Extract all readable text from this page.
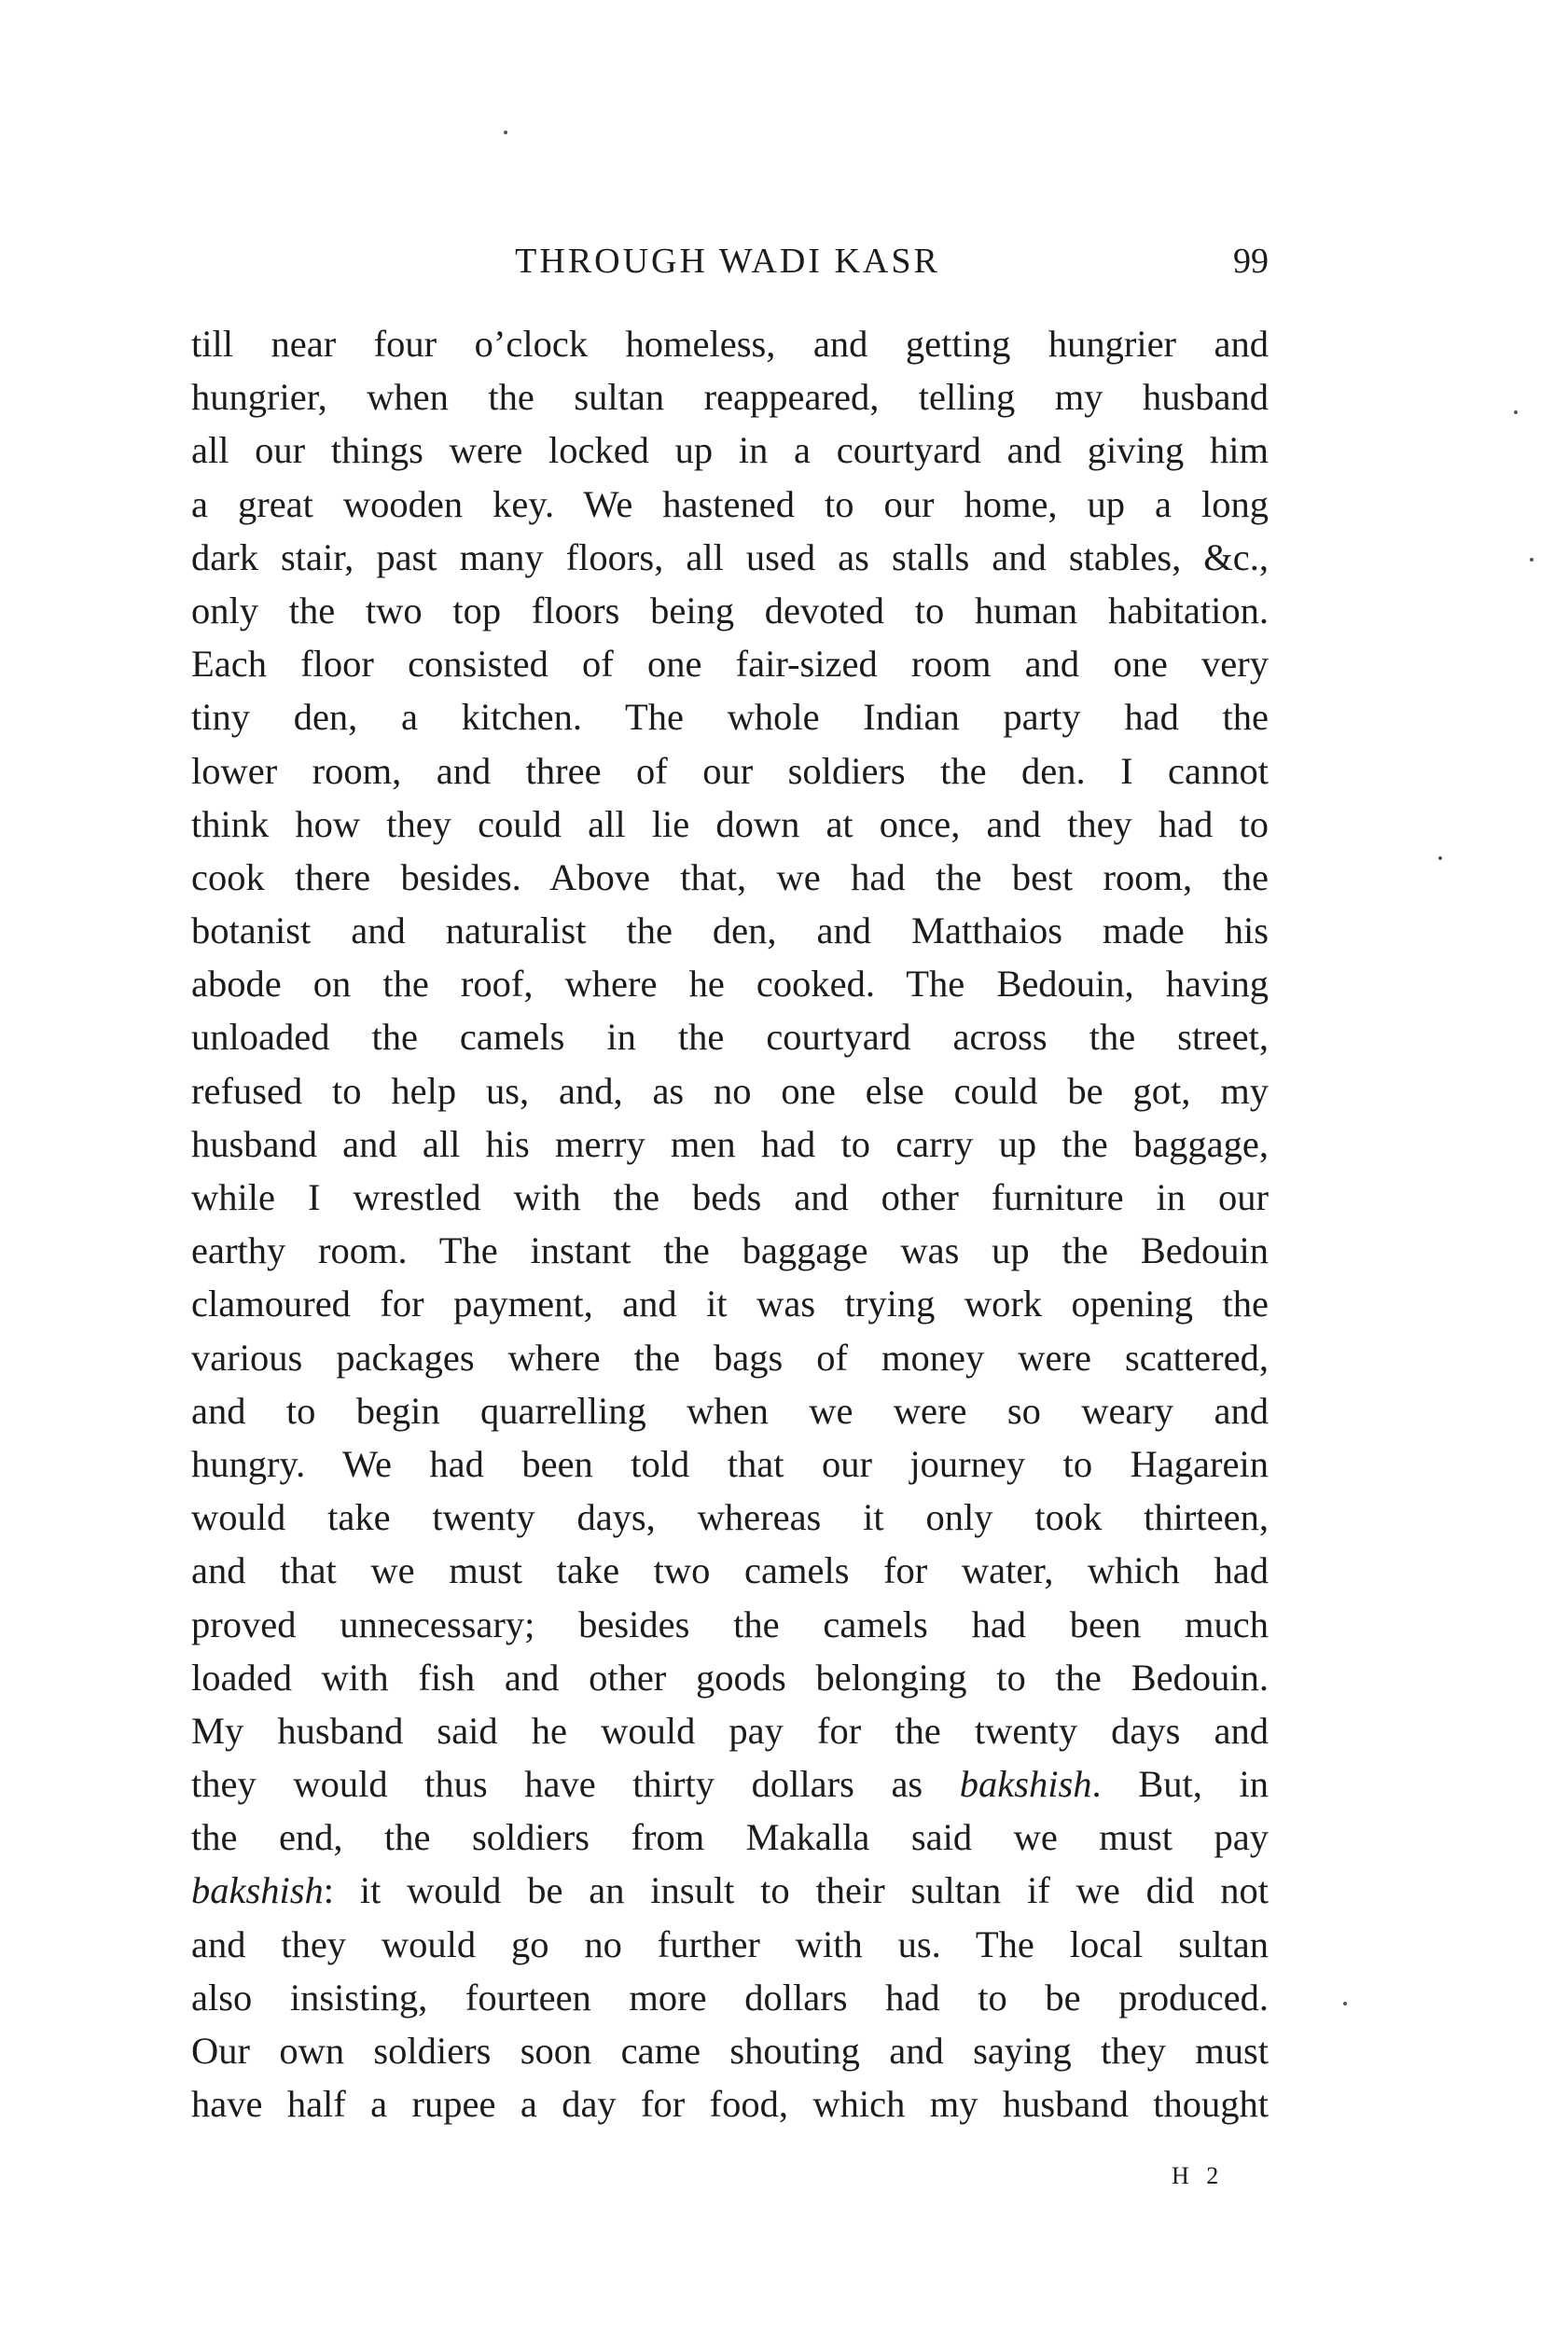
THROUGH WADI KASR	99
till near four o’clock homeless, and getting hungrier and
hungrier, when the sultan reappeared, telling my husband
all our things were locked up in a courtyard and giving him
a great wooden key. We hastened to our home, up a long
dark stair, past many floors, all used as stalls and stables, &c.,
only the two top floors being devoted to human habitation.
Each floor consisted of one fair-sized room and one very
tiny den, a kitchen. The whole Indian party had the
lower room, and three of our soldiers the den. I cannot
think how they could all lie down at once, and they had to
cook there besides. Above that, we had the best room, the
botanist and naturalist the den, and Matthaios made his
abode on the roof, where he cooked. The Bedouin, having
unloaded the camels in the courtyard across the street,
refused to help us, and, as no one else could be got, my
husband and all his merry men had to carry up the baggage,
while I wrestled with the beds and other furniture in our
earthy room. The instant the baggage was up the Bedouin
clamoured for payment, and it was trying work opening the
various packages where the bags of money were scattered,
and to begin quarrelling when we were so weary and
hungry. We had been told that our journey to Hagarein
would take twenty days, whereas it only took thirteen,
and that we must take two camels for water, which had
proved unnecessary; besides the camels had been much
loaded with fish and other goods belonging to the Bedouin.
My husband said he would pay for the twenty days and
they would thus have thirty dollars as bakshish. But, in
the end, the soldiers from Makalla said we must pay
bakshish: it would be an insult to their sultan if we did not
and they would go no further with us. The local sultan
also insisting, fourteen more dollars had to be produced.
Our own soldiers soon came shouting and saying they must
have half a rupee a day for food, which my husband thought
H 2
